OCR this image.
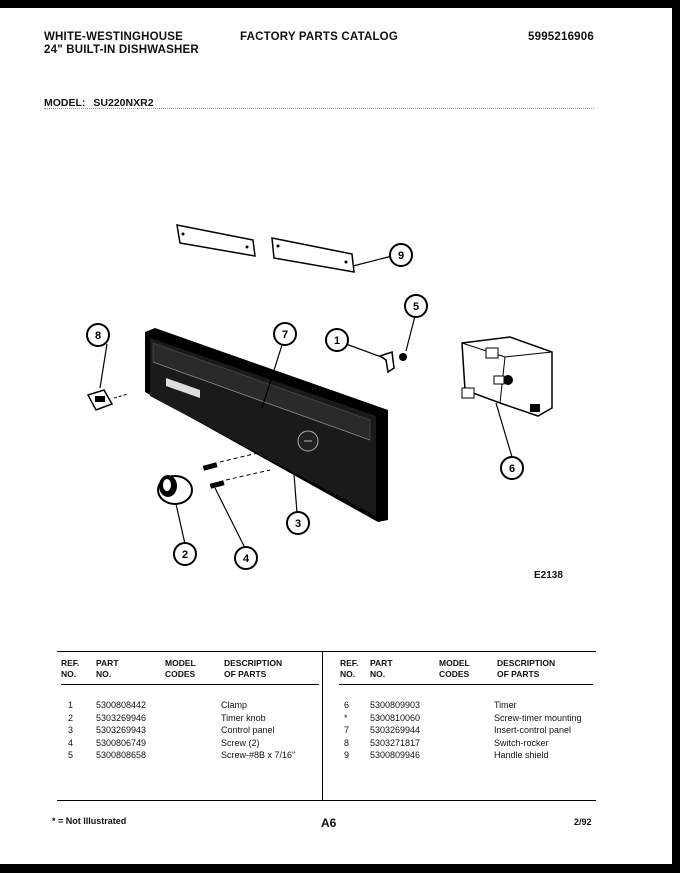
WHITE-WESTINGHOUSE
24" BUILT-IN DISHWASHER
FACTORY PARTS CATALOG	5995216906
MODEL: SU220NXR2
9
5
1
8	7
6
3
2	4
E2138
REF.
NO.
PART
NO.
MODEL
CODES
DESCRIPTION
OF PARTS
REF.
NO.
PART
NO.
MODEL
CODES
DESCRIPTION
OF PARTS
1	5300808442	Clamp
2	5303269946	Timer knob
3	5303269943	Control panel
4	5300806749	Screw (2)
5	5300808658	Screw-#8B x 7/16"
6 5300809903	Timer
* 5300810060	Screw-timer mounting
7 5303269944	Insert-control panel
8 5303271817	Switch-rocker
9 5300809946	Handle shield
* = Not Illustrated	A6	2/92
